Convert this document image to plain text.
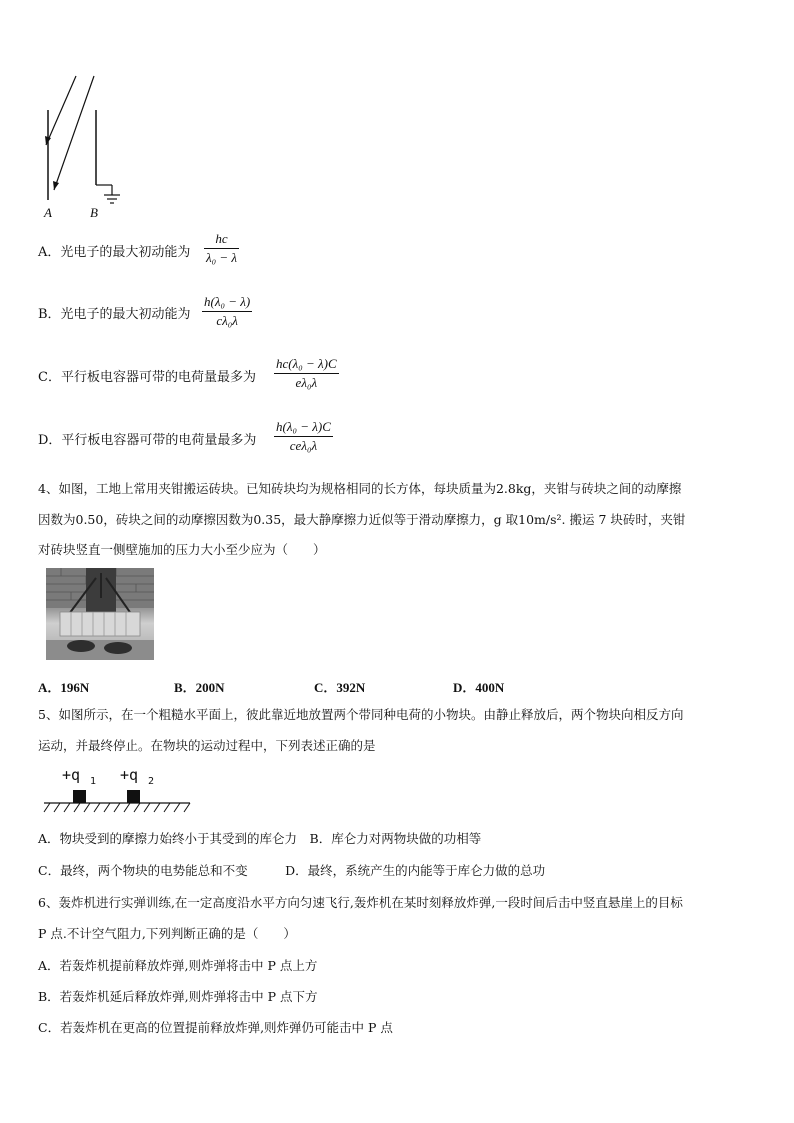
A	B
A．光电子的最大初动能为
hc
λ₀ − λ
B．光电子的最大初动能为
h(λ₀ − λ)
cλ₀λ
C．平行板电容器可带的电荷量最多为
hc(λ₀ − λ)C
eλ₀λ
D．平行板电容器可带的电荷量最多为
h(λ₀ − λ)C
ceλ₀λ
4、如图，工地上常用夹钳搬运砖块。已知砖块均为规格相同的长方体，每块质量为2.8kg，夹钳与砖块之间的动摩擦
因数为0.50，砖块之间的动摩擦因数为0.35，最大静摩擦力近似等于滑动摩擦力，g 取10m/s². 搬运 7 块砖时，夹钳
对砖块竖直一侧壁施加的压力大小至少应为（　　）
A．196N	B．200N	C．392N	D．400N
5、如图所示，在一个粗糙水平面上，彼此靠近地放置两个带同种电荷的小物块。由静止释放后，两个物块向相反方向
运动，并最终停止。在物块的运动过程中，下列表述正确的是
+q 1 +q 2
A．物块受到的摩擦力始终小于其受到的库仑力　B．库仑力对两物块做的功相等
C．最终，两个物块的电势能总和不变　　　D．最终，系统产生的内能等于库仑力做的总功
6、轰炸机进行实弹训练,在一定高度沿水平方向匀速飞行,轰炸机在某时刻释放炸弹,一段时间后击中竖直悬崖上的目标
P 点.不计空气阻力,下列判断正确的是（　　）
A．若轰炸机提前释放炸弹,则炸弹将击中 P 点上方
B．若轰炸机延后释放炸弹,则炸弹将击中 P 点下方
C．若轰炸机在更高的位置提前释放炸弹,则炸弹仍可能击中 P 点
